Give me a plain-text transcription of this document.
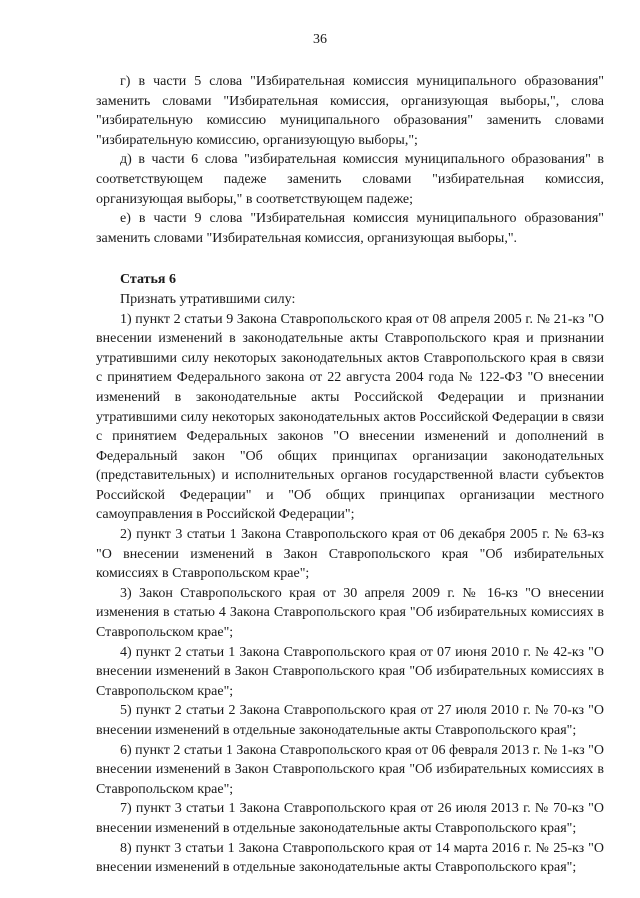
36

г) в части 5 слова "Избирательная комиссия муниципального образования" заменить словами "Избирательная комиссия, организующая выборы,", слова "избирательную комиссию муниципального образования" заменить словами "избирательную комиссию, организующую выборы,";

д) в части 6 слова "избирательная комиссия муниципального образования" в соответствующем падеже заменить словами "избирательная комиссия, организующая выборы," в соответствующем падеже;

е) в части 9 слова "Избирательная комиссия муниципального образования" заменить словами "Избирательная комиссия, организующая выборы,".

Статья 6

Признать утратившими силу:

1) пункт 2 статьи 9 Закона Ставропольского края от 08 апреля 2005 г. № 21-кз "О внесении изменений в законодательные акты Ставропольского края и признании утратившими силу некоторых законодательных актов Ставропольского края в связи с принятием Федерального закона от 22 августа 2004 года № 122-ФЗ "О внесении изменений в законодательные акты Российской Федерации и признании утратившими силу некоторых законодательных актов Российской Федерации в связи с принятием Федеральных законов "О внесении изменений и дополнений в Федеральный закон "Об общих принципах организации законодательных (представительных) и исполнительных органов государственной власти субъектов Российской Федерации" и "Об общих принципах организации местного самоуправления в Российской Федерации";

2) пункт 3 статьи 1 Закона Ставропольского края от 06 декабря 2005 г. № 63-кз "О внесении изменений в Закон Ставропольского края "Об избирательных комиссиях в Ставропольском крае";

3) Закон Ставропольского края от 30 апреля 2009 г. № 16-кз "О внесении изменения в статью 4 Закона Ставропольского края "Об избирательных комиссиях в Ставропольском крае";

4) пункт 2 статьи 1 Закона Ставропольского края от 07 июня 2010 г. № 42-кз "О внесении изменений в Закон Ставропольского края "Об избирательных комиссиях в Ставропольском крае";

5) пункт 2 статьи 2 Закона Ставропольского края от 27 июля 2010 г. № 70-кз "О внесении изменений в отдельные законодательные акты Ставропольского края";

6) пункт 2 статьи 1 Закона Ставропольского края от 06 февраля 2013 г. № 1-кз "О внесении изменений в Закон Ставропольского края "Об избирательных комиссиях в Ставропольском крае";

7) пункт 3 статьи 1 Закона Ставропольского края от 26 июля 2013 г. № 70-кз "О внесении изменений в отдельные законодательные акты Ставропольского края";

8) пункт 3 статьи 1 Закона Ставропольского края от 14 марта 2016 г. № 25-кз "О внесении изменений в отдельные законодательные акты Ставропольского края";
